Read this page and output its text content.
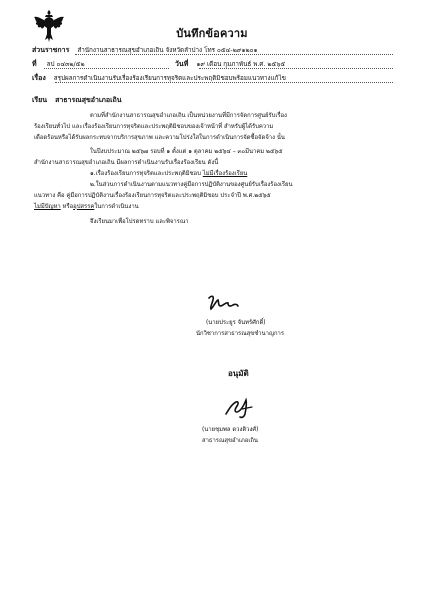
บันทึกข้อความ
ส่วนราชการ สำนักงานสาธารณสุขอำเภอเถิน จังหวัดลำปาง โทร ๐๕๔-๒๙๑๒๐๑
ที่ ลป ๐๔๓๒/๕๒	วันที่ ๑๙ เดือน กุมภาพันธ์ พ.ศ. ๒๕๖๕
เรื่อง สรุปผลการดำเนินงานรับเรื่องร้องเรียนการทุจริตและประพฤติมิชอบพร้อมแนวทางแก้ไข
เรียน สาธารณสุขอำเภอเถิน
ตามที่สำนักงานสาธารณสุขอำเภอเถิน เป็นหน่วยงานที่มีการจัดการศูนย์รับเรื่อง
ร้องเรียนทั่วไป และเรื่องร้องเรียนการทุจริตและประพฤติมิชอบของเจ้าหน้าที่ สำหรับผู้ได้รับความ
เดือดร้อนหรือได้รับผลกระทบจากบริการสุขภาพ และความโปร่งใสในการดำเนินการจัดซื้อจัดจ้าง นั้น
ในปีงบประมาณ ๒๕๖๗ รอบที่ ๑ ตั้งแต่ ๑ ตุลาคม ๒๕๖๔ – ๓๐มีนาคม ๒๕๖๕
สำนักงานสาธารณสุขอำเภอเถิน มีผลการดำเนินงานรับเรื่องร้องเรียน ดังนี้
๑.เรื่องร้องเรียนการทุจริตและประพฤติมิชอบ ไม่มีเรื่องร้องเรียน
๒.ในส่วนการดำเนินงานตามแนวทางคู่มือการปฏิบัติงานของศูนย์รับเรื่องร้องเรียน
แนวทาง คือ คู่มือการปฏิบัติงานเรื่องร้องเรียนการทุจริตและประพฤติมิชอบ ประจำปี พ.ศ.๒๕๖๕
ไม่มีปัญหา หรืออุปสรรคในการดำเนินงาน
จึงเรียนมาเพื่อโปรดทราบ และพิจารณา
(นายประยูร จันทร์ศักดิ์)
นักวิชาการสาธารณสุขชำนาญการ
อนุมัติ
(นายชุมพล ดวงติวงศ์)
สาธารณสุขอำเภอเถิน
